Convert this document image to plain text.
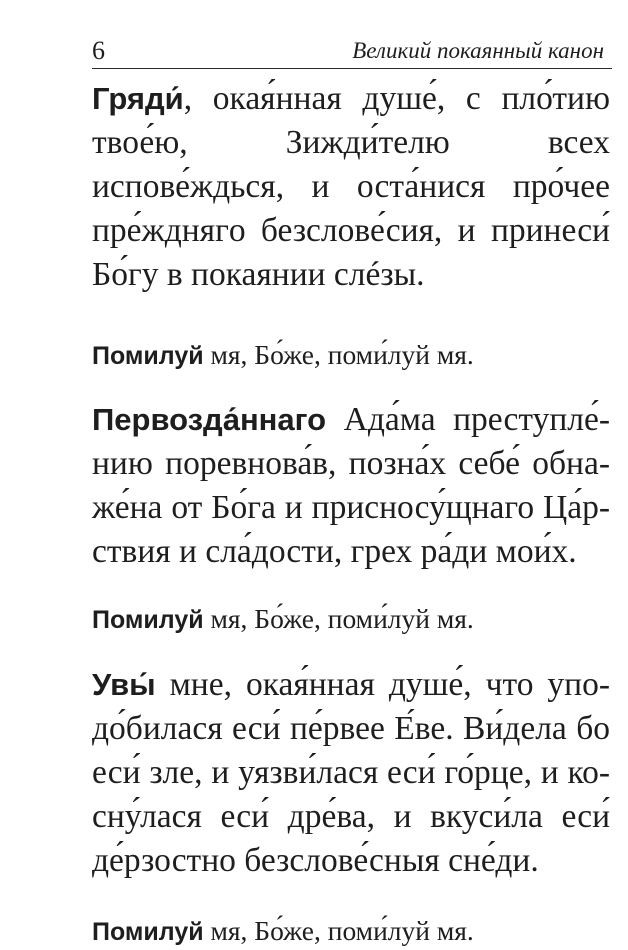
6	Великий покаянный канон

Гряди́, окая́нная душе́, с пло́тию твое́ю, Зижди́телю всех испове́ждься, и оста́нися про́чее пре́жднягo безслове́сия, и принеси́ Бо́гу в покаянии слéзы.

Помилуй мя, Бо́же, поми́луй мя.

Первозда́ннаго Ада́ма преступле́нию поревнова́в, позна́х себе́ обнаже́на от Бо́га и присносу́щнаго Ца́рствия и сла́дости, грех ра́ди мои́х.

Помилуй мя, Бо́же, поми́луй мя.

Увы́ мне, окая́нная душе́, что уподо́билася еси́ пе́рвее Е́ве. Ви́дела бо еси́ зле, и уязви́лася еси́ го́рце, и косну́лася еси́ дре́ва, и вкуси́ла еси́ де́рзостно безслове́сныя сне́ди.

Помилуй мя, Бо́же, поми́луй мя.
